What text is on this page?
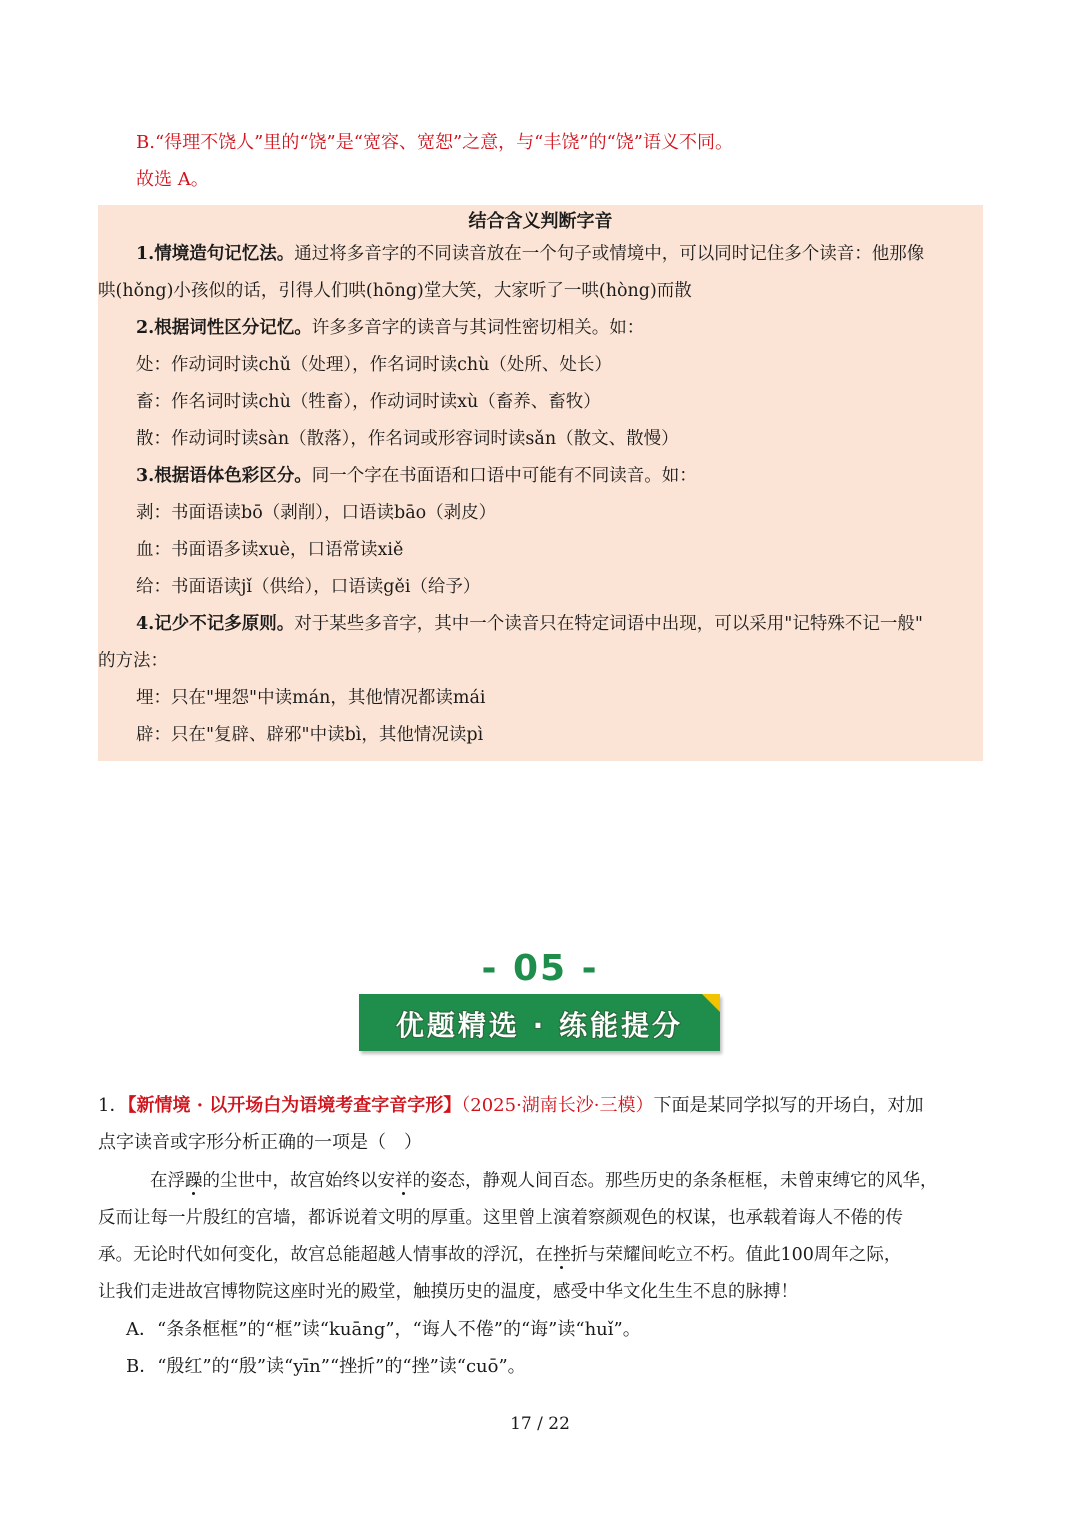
B.“得理不饶人”里的“饶”是“宽容、宽恕”之意，与“丰饶”的“饶”语义不同。
故选 A。
结合含义判断字音
1.情境造句记忆法。通过将多音字的不同读音放在一个句子或情境中，可以同时记住多个读音：他那像
哄(hǒng)小孩似的话，引得人们哄(hōng)堂大笑，大家听了一哄(hòng)而散
2.根据词性区分记忆。许多多音字的读音与其词性密切相关。如：
处：作动词时读chǔ（处理），作名词时读chù（处所、处长）
畜：作名词时读chù（牲畜），作动词时读xù（畜养、畜牧）
散：作动词时读sàn（散落），作名词或形容词时读sǎn（散文、散慢）
3.根据语体色彩区分。同一个字在书面语和口语中可能有不同读音。如：
剥：书面语读bō（剥削），口语读bāo（剥皮）
血：书面语多读xuè，口语常读xiě
给：书面语读jǐ（供给），口语读gěi（给予）
4.记少不记多原则。对于某些多音字，其中一个读音只在特定词语中出现，可以采用"记特殊不记一般"
的方法：
埋：只在"埋怨"中读mán，其他情况都读mái
辟：只在"复辟、辟邪"中读bì，其他情况读pì
- 05 -
优题精选 · 练能提分
1．【新情境 · 以开场白为语境考查字音字形】（2025·湖南长沙·三模）下面是某同学拟写的开场白，对加
点字读音或字形分析正确的一项是（　）
在浮躁的尘世中，故宫始终以安祥的姿态，静观人间百态。那些历史的条条框框，未曾束缚它的风华，
反而让每一片殷红的宫墙，都诉说着文明的厚重。这里曾上演着察颜观色的权谋，也承载着诲人不倦的传
承。无论时代如何变化，故宫总能超越人情事故的浮沉，在挫折与荣耀间屹立不朽。值此100周年之际，
让我们走进故宫博物院这座时光的殿堂，触摸历史的温度，感受中华文化生生不息的脉搏！
A．“条条框框”的“框”读“kuāng”，“诲人不倦”的“诲”读“huǐ”。
B．“殷红”的“殷”读“yīn”“挫折”的“挫”读“cuō”。
17 / 22
